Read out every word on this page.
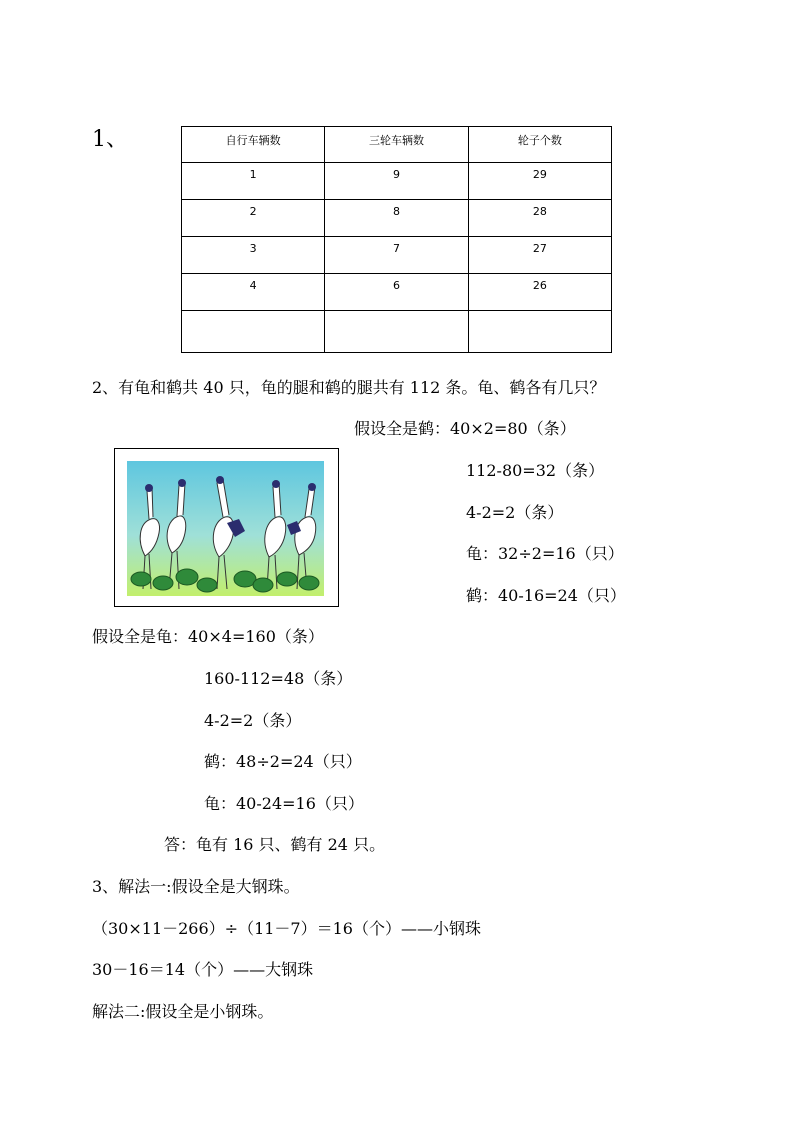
1、	自行车辆数	三轮车辆数	轮子个数
1	9	29
2	8	28
3	7	27
4	6	26

2、有龟和鹤共 40 只，龟的腿和鹤的腿共有 112 条。龟、鹤各有几只？
假设全是鹤：40×2=80（条）
112-80=32（条）
4-2=2（条）
龟：32÷2=16（只）
鹤：40-16=24（只）
假设全是龟：40×4=160（条）
160-112=48（条）
4-2=2（条）
鹤：48÷2=24（只）
龟：40-24=16（只）
答：龟有 16 只、鹤有 24 只。
3、解法一:假设全是大钢珠。
（30×11－266）÷（11－7）＝16（个）——小钢珠
30－16＝14（个）——大钢珠
解法二:假设全是小钢珠。
